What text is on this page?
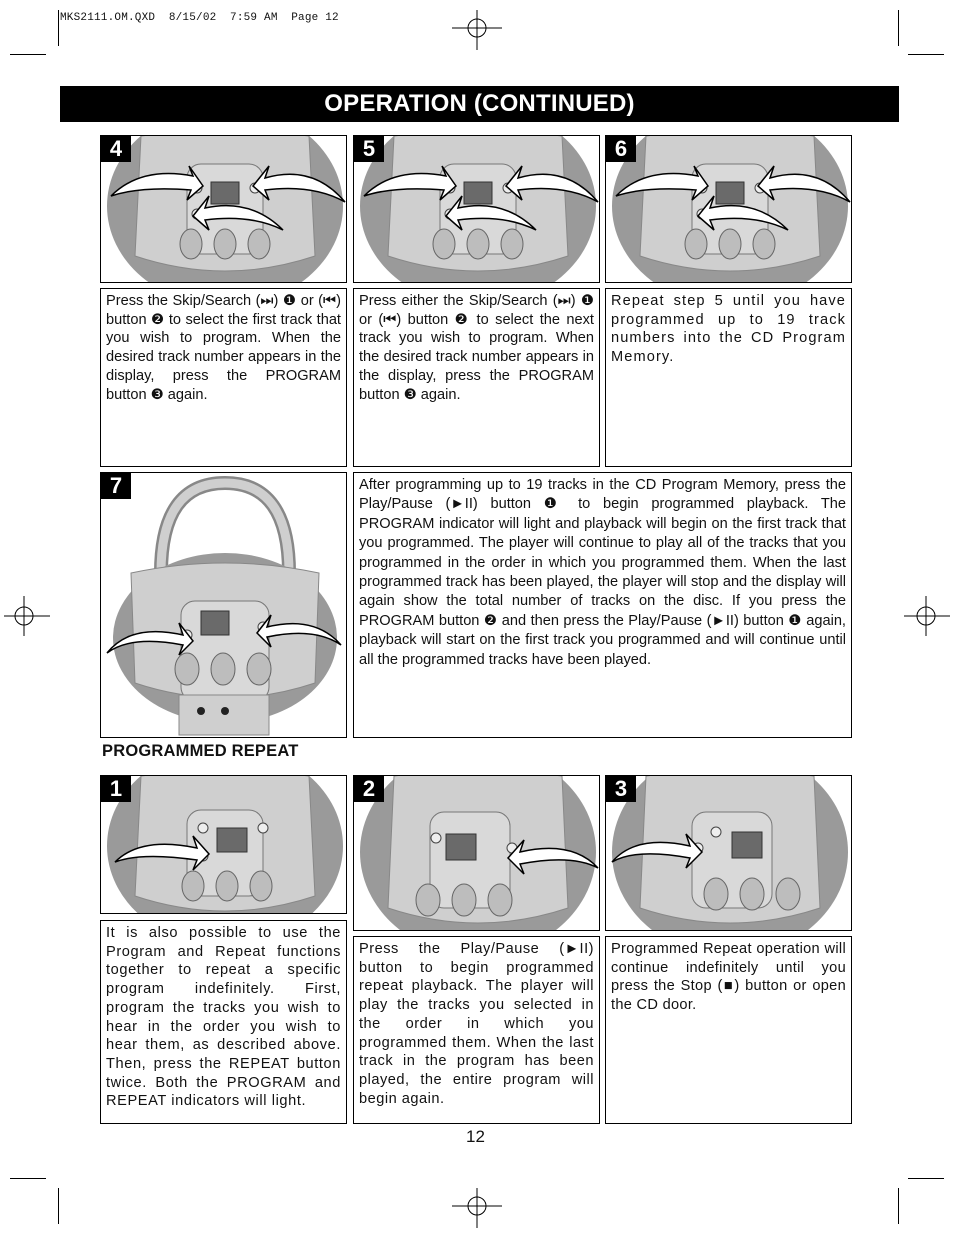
MKS2111.OM.QXD  8/15/02  7:59 AM  Page 12
OPERATION (CONTINUED)
4	5	6

Press the Skip/Search (⏭) ❶ or (⏮) button ❷ to select the first track that you wish to program. When the desired track number appears in the display, press the PROGRAM button ❸ again.

Press either the Skip/Search (⏭) ❶ or (⏮) button ❷ to select the next track you wish to program. When the desired track number appears in the display, press the PROGRAM button ❸ again.

Repeat step 5 until you have programmed up to 19 track numbers into the CD Program Memory.

7	After programming up to 19 tracks in the CD Program Memory, press the Play/Pause (►II) button ❶ to begin programmed playback. The PROGRAM indicator will light and playback will begin on the first track that you programmed. The player will continue to play all of the tracks that you programmed in the order in which you programmed them. When the last programmed track has been played, the player will stop and the display will again show the total number of tracks on the disc. If you press the PROGRAM button ❷ and then press the Play/Pause (►II) button ❶ again, playback will start on the first track you programmed and will continue until all the programmed tracks have been played.

PROGRAMMED REPEAT
1	2	3

It is also possible to use the Program and Repeat functions together to repeat a specific program indefinitely. First, program the tracks you wish to hear in the order you wish to hear them, as described above. Then, press the REPEAT button twice. Both the PROGRAM and REPEAT indicators will light.

Press the Play/Pause (►II) button to begin programmed repeat playback. The player will play the tracks you selected in the order in which you programmed them. When the last track in the program has been played, the entire program will begin again.

Programmed Repeat operation will continue indefinitely until you press the Stop (■) button or open the CD door.

12
